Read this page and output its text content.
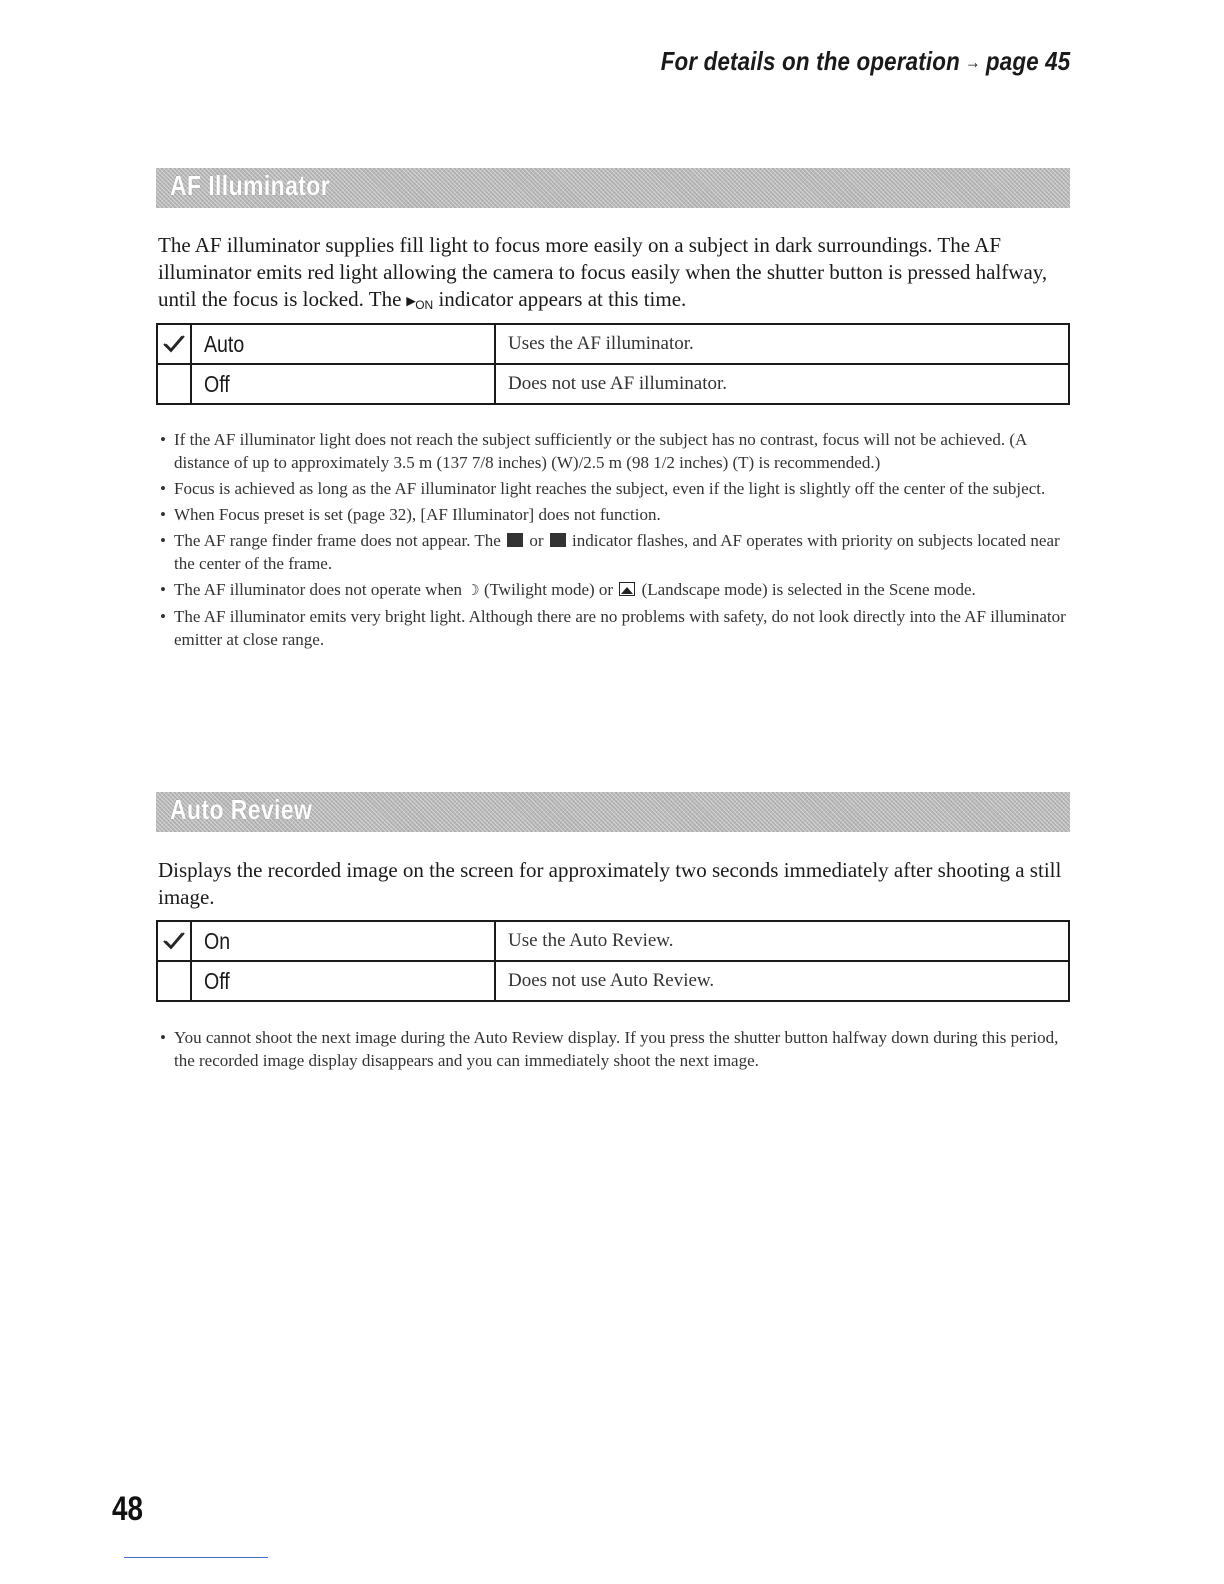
For details on the operation → page 45
AF Illuminator
The AF illuminator supplies fill light to focus more easily on a subject in dark surroundings. The AF illuminator emits red light allowing the camera to focus easily when the shutter button is pressed halfway, until the focus is locked. The $▸_{ON}$ indicator appears at this time.
	Auto	Uses the AF illuminator.
	Off	Does not use AF illuminator.
• If the AF illuminator light does not reach the subject sufficiently or the subject has no contrast, focus will not be achieved. (A distance of up to approximately 3.5 m (137 7/8 inches) (W)/2.5 m (98 1/2 inches) (T) is recommended.)
• Focus is achieved as long as the AF illuminator light reaches the subject, even if the light is slightly off the center of the subject.
• When Focus preset is set (page 32), [AF Illuminator] does not function.
• The AF range finder frame does not appear. The or indicator flashes, and AF operates with priority on subjects located near the center of the frame.
• The AF illuminator does not operate when ☽ (Twilight mode) or (Landscape mode) is selected in the Scene mode.
• The AF illuminator emits very bright light. Although there are no problems with safety, do not look directly into the AF illuminator emitter at close range.
Auto Review
Displays the recorded image on the screen for approximately two seconds immediately after shooting a still image.
	On	Use the Auto Review.
	Off	Does not use Auto Review.
• You cannot shoot the next image during the Auto Review display. If you press the shutter button halfway down during this period, the recorded image display disappears and you can immediately shoot the next image.
48
